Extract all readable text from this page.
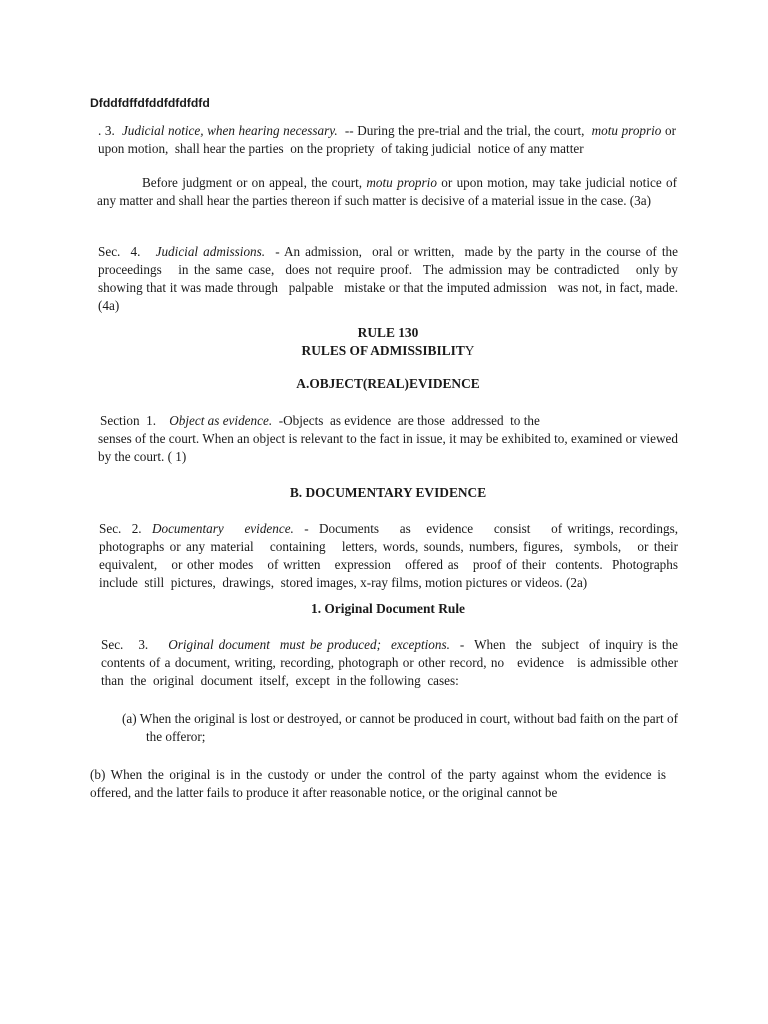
Dfddfdffdfddfdfdfdfd

. 3.  Judicial notice, when hearing necessary.  -- During the pre-trial and the trial, the court,  motu proprio or upon motion,  shall hear the parties  on the propriety  of taking judicial  notice of any matter

Before judgment or on appeal, the court, motu proprio or upon motion, may take judicial notice of any matter and shall hear the parties thereon if such matter is decisive of a material issue in the case. (3a)

Sec.  4.   Judicial admissions.  - An admission,  oral or written,  made by the party in the course of the proceedings   in the same case,  does not require proof.  The admission may be contradicted   only by showing that it was made through   palpable   mistake or that the imputed admission   was not, in fact, made. (4a)

RULE 130
RULES OF ADMISSIBILITY
A.OBJECT(REAL)EVIDENCE
Section  1.    Object as evidence.  -Objects  as evidence  are those  addressed  to the

senses of the court. When an object is relevant to the fact in issue, it may be exhibited to, examined or viewed by the court. ( 1)

B. DOCUMENTARY EVIDENCE

Sec.  2.  Documentary    evidence.  -  Documents    as   evidence    consist    of writings, recordings, photographs or any material   containing   letters, words, sounds, numbers, figures,  symbols,   or their equivalent,   or other modes   of written   expression   offered as   proof of their  contents.  Photographs include  still  pictures,  drawings,  stored images, x-ray films, motion pictures or videos. (2a)

1. Original Document Rule

Sec.   3.    Original document  must be produced;  exceptions.  -  When  the  subject  of inquiry is the contents of a document, writing, recording, photograph or other record, no   evidence   is admissible other  than  the  original  document  itself,  except  in the following  cases:

(a) When the original is lost or destroyed, or cannot be produced in court, without bad faith on the part of the offeror;

(b) When the original is in the custody or under the control of the party against whom the evidence is offered, and the latter fails to produce it after reasonable notice, or the original cannot be
